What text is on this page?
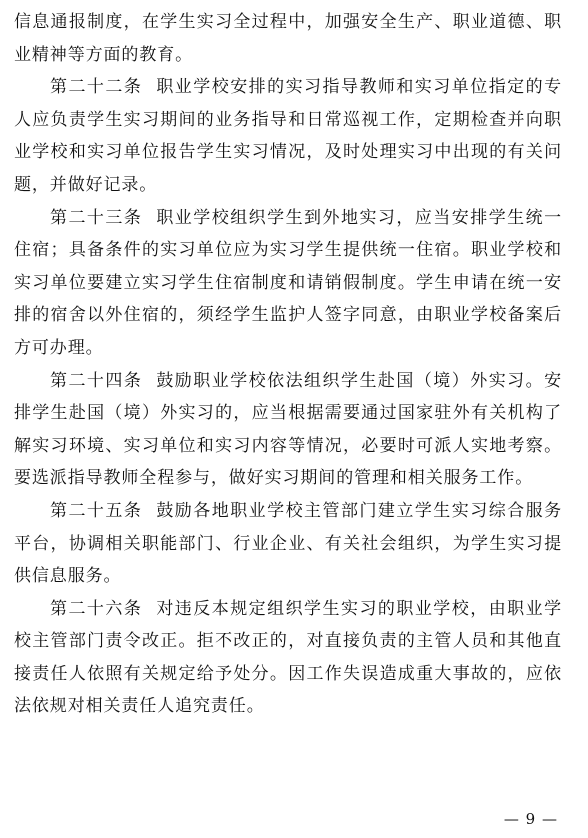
信息通报制度，在学生实习全过程中，加强安全生产、职业道德、职业精神等方面的教育。

第二十二条 职业学校安排的实习指导教师和实习单位指定的专人应负责学生实习期间的业务指导和日常巡视工作，定期检查并向职业学校和实习单位报告学生实习情况，及时处理实习中出现的有关问题，并做好记录。

第二十三条 职业学校组织学生到外地实习，应当安排学生统一住宿；具备条件的实习单位应为实习学生提供统一住宿。职业学校和实习单位要建立实习学生住宿制度和请销假制度。学生申请在统一安排的宿舍以外住宿的，须经学生监护人签字同意，由职业学校备案后方可办理。

第二十四条 鼓励职业学校依法组织学生赴国（境）外实习。安排学生赴国（境）外实习的，应当根据需要通过国家驻外有关机构了解实习环境、实习单位和实习内容等情况，必要时可派人实地考察。要选派指导教师全程参与，做好实习期间的管理和相关服务工作。

第二十五条 鼓励各地职业学校主管部门建立学生实习综合服务平台，协调相关职能部门、行业企业、有关社会组织，为学生实习提供信息服务。

第二十六条 对违反本规定组织学生实习的职业学校，由职业学校主管部门责令改正。拒不改正的，对直接负责的主管人员和其他直接责任人依照有关规定给予处分。因工作失误造成重大事故的，应依法依规对相关责任人追究责任。

— 9 —
